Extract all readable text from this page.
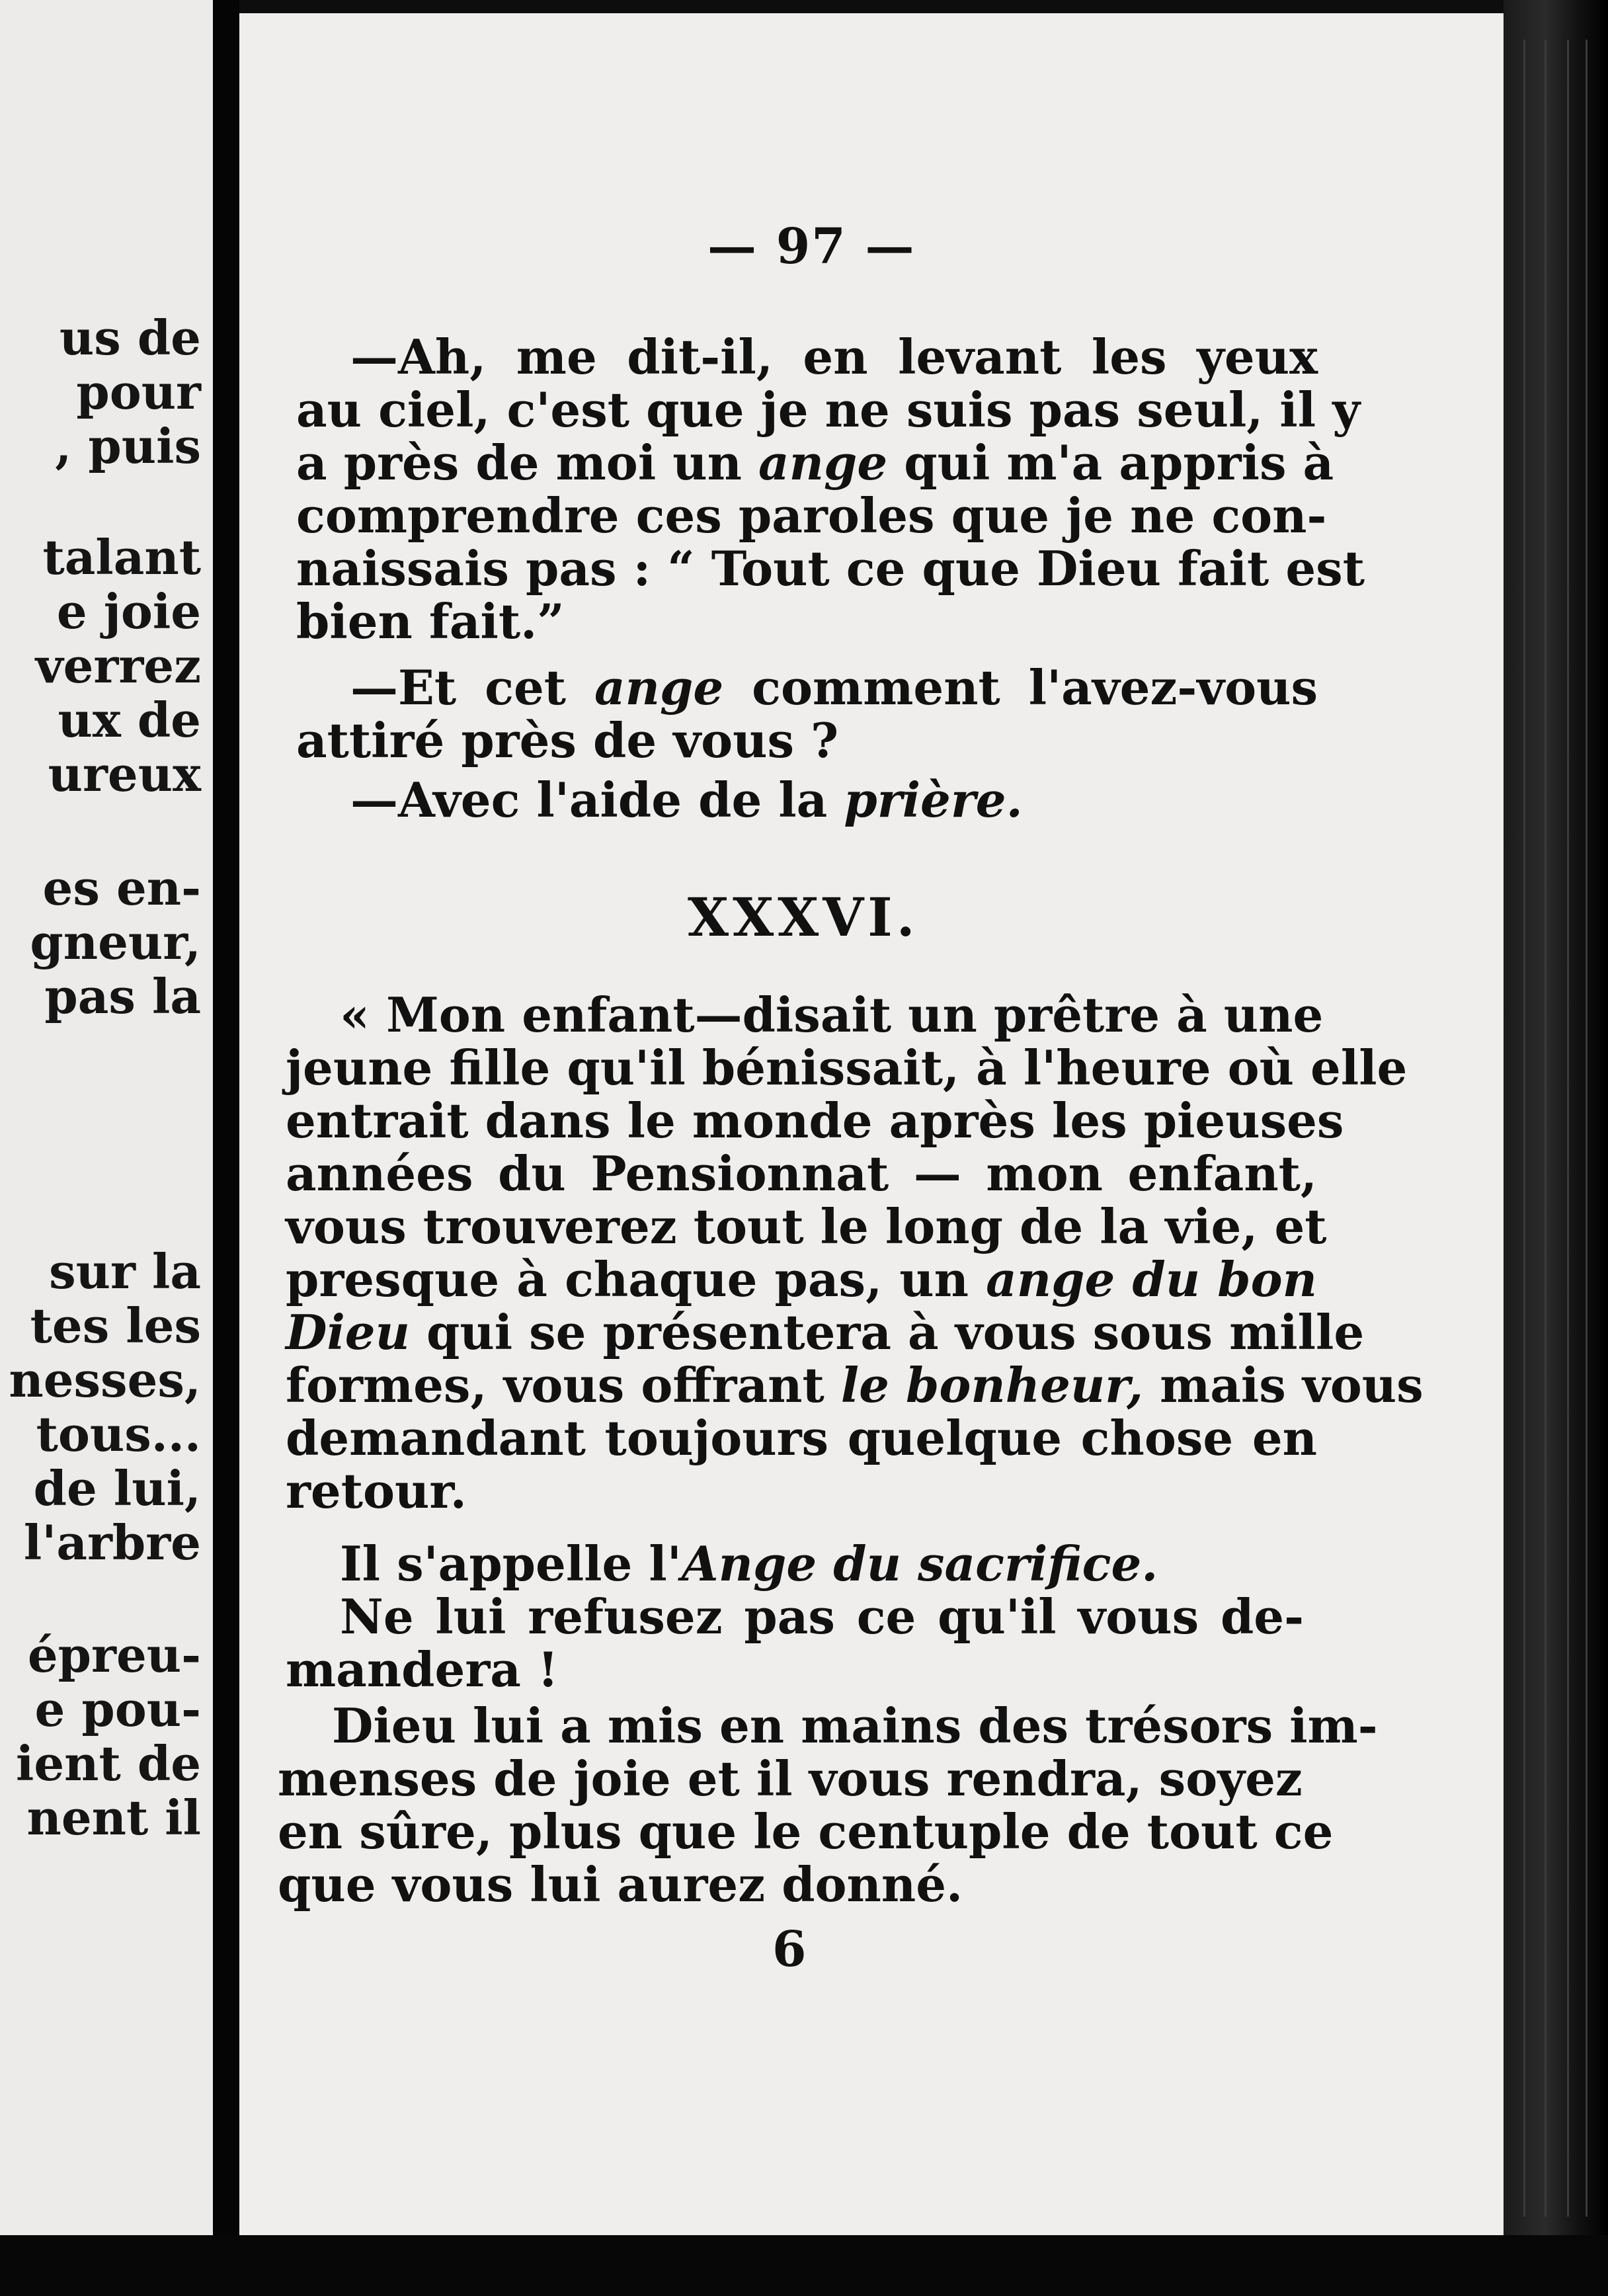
us de
pour
, puis
talant
e joie
verrez
ux de
ureux
es en-
gneur,
pas la
sur la
tes les
nesses,
tous...
de lui,
l'arbre
épreu-
e pou-
ient de
nent il
— 97 —
—Ah, me dit-il, en levant les yeux
au ciel, c'est que je ne suis pas seul, il y
a près de moi un ange qui m'a appris à
comprendre ces paroles que je ne con-
naissais pas : “ Tout ce que Dieu fait est
bien fait.”
—Et cet ange comment l'avez-vous
attiré près de vous ?
—Avec l'aide de la prière.
XXXVI.
« Mon enfant—disait un prêtre à une
jeune fille qu'il bénissait, à l'heure où elle
entrait dans le monde après les pieuses
années du Pensionnat — mon enfant,
vous trouverez tout le long de la vie, et
presque à chaque pas, un ange du bon
Dieu qui se présentera à vous sous mille
formes, vous offrant le bonheur, mais vous
demandant toujours quelque chose en
retour.
Il s'appelle l'Ange du sacrifice.
Ne lui refusez pas ce qu'il vous de-
mandera !
Dieu lui a mis en mains des trésors im-
menses de joie et il vous rendra, soyez
en sûre, plus que le centuple de tout ce
que vous lui aurez donné.
6
